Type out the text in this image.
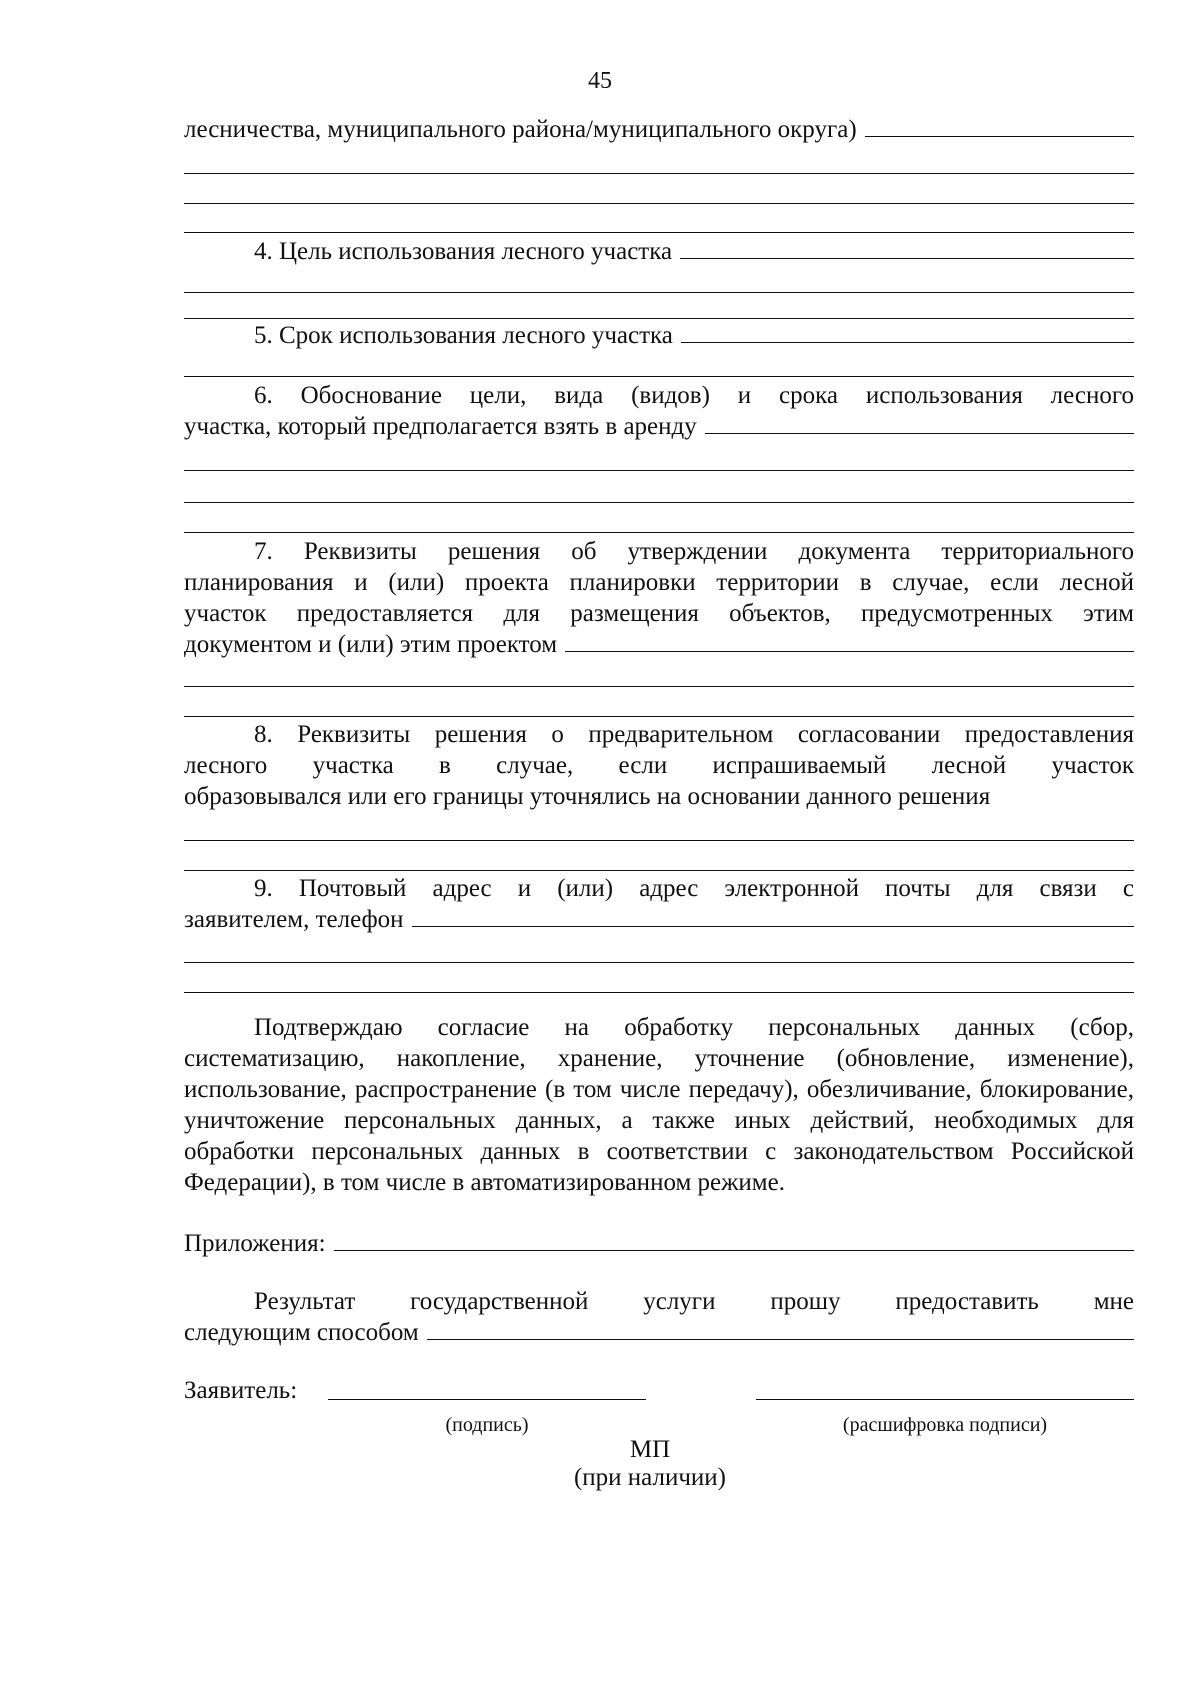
45
лесничества, муниципального района/муниципального округа)
4. Цель использования лесного участка
5. Срок использования лесного участка
6. Обоснование цели, вида (видов) и срока использования лесного
участка, который предполагается взять в аренду
7. Реквизиты решения об утверждении документа территориального
планирования и (или) проекта планировки территории в случае, если лесной
участок предоставляется для размещения объектов, предусмотренных этим
документом и (или) этим проектом
8. Реквизиты решения о предварительном согласовании предоставления
лесного участка в случае, если испрашиваемый лесной участок
образовывался или его границы уточнялись на основании данного решения
9. Почтовый адрес и (или) адрес электронной почты для связи с
заявителем, телефон
Подтверждаю согласие на обработку персональных данных (сбор, систематизацию, накопление, хранение, уточнение (обновление, изменение), использование, распространение (в том числе передачу), обезличивание, блокирование, уничтожение персональных данных, а также иных действий, необходимых для обработки персональных данных в соответствии с законодательством Российской Федерации), в том числе в автоматизированном режиме.
Приложения:
Результат государственной услуги прошу предоставить мне
следующим способом
Заявитель:
(подпись)	(расшифровка подписи)
МП
(при наличии)
